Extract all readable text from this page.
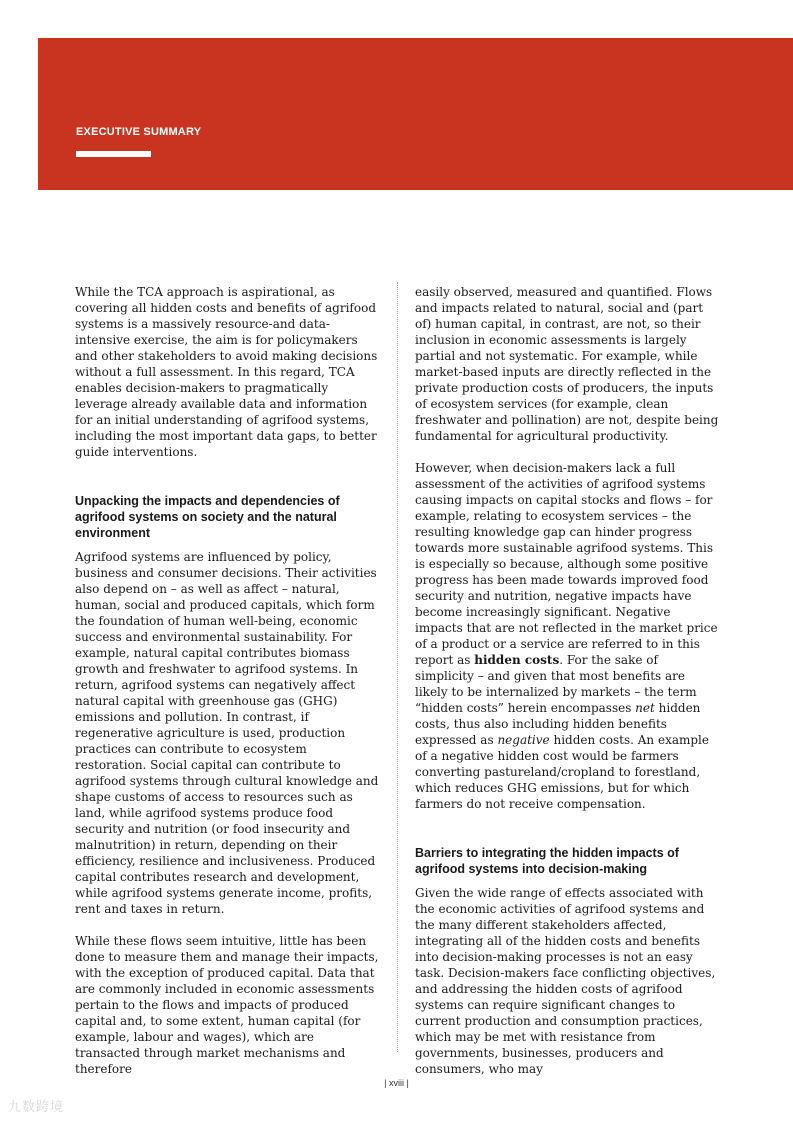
EXECUTIVE SUMMARY

While the TCA approach is aspirational, as covering all hidden costs and benefits of agrifood systems is a massively resource-and data-intensive exercise, the aim is for policymakers and other stakeholders to avoid making decisions without a full assessment. In this regard, TCA enables decision-makers to pragmatically leverage already available data and information for an initial understanding of agrifood systems, including the most important data gaps, to better guide interventions.

Unpacking the impacts and dependencies of agrifood systems on society and the natural environment

Agrifood systems are influenced by policy, business and consumer decisions. Their activities also depend on – as well as affect – natural, human, social and produced capitals, which form the foundation of human well-being, economic success and environmental sustainability. For example, natural capital contributes biomass growth and freshwater to agrifood systems. In return, agrifood systems can negatively affect natural capital with greenhouse gas (GHG) emissions and pollution. In contrast, if regenerative agriculture is used, production practices can contribute to ecosystem restoration. Social capital can contribute to agrifood systems through cultural knowledge and shape customs of access to resources such as land, while agrifood systems produce food security and nutrition (or food insecurity and malnutrition) in return, depending on their efficiency, resilience and inclusiveness. Produced capital contributes research and development, while agrifood systems generate income, profits, rent and taxes in return.

While these flows seem intuitive, little has been done to measure them and manage their impacts, with the exception of produced capital. Data that are commonly included in economic assessments pertain to the flows and impacts of produced capital and, to some extent, human capital (for example, labour and wages), which are transacted through market mechanisms and therefore

easily observed, measured and quantified. Flows and impacts related to natural, social and (part of) human capital, in contrast, are not, so their inclusion in economic assessments is largely partial and not systematic. For example, while market-based inputs are directly reflected in the private production costs of producers, the inputs of ecosystem services (for example, clean freshwater and pollination) are not, despite being fundamental for agricultural productivity.

However, when decision-makers lack a full assessment of the activities of agrifood systems causing impacts on capital stocks and flows – for example, relating to ecosystem services – the resulting knowledge gap can hinder progress towards more sustainable agrifood systems. This is especially so because, although some positive progress has been made towards improved food security and nutrition, negative impacts have become increasingly significant. Negative impacts that are not reflected in the market price of a product or a service are referred to in this report as hidden costs. For the sake of simplicity – and given that most benefits are likely to be internalized by markets – the term “hidden costs” herein encompasses net hidden costs, thus also including hidden benefits expressed as negative hidden costs. An example of a negative hidden cost would be farmers converting pastureland/cropland to forestland, which reduces GHG emissions, but for which farmers do not receive compensation.

Barriers to integrating the hidden impacts of agrifood systems into decision-making

Given the wide range of effects associated with the economic activities of agrifood systems and the many different stakeholders affected, integrating all of the hidden costs and benefits into decision-making processes is not an easy task. Decision-makers face conflicting objectives, and addressing the hidden costs of agrifood systems can require significant changes to current production and consumption practices, which may be met with resistance from governments, businesses, producers and consumers, who may

| xviii |
九数跨境
